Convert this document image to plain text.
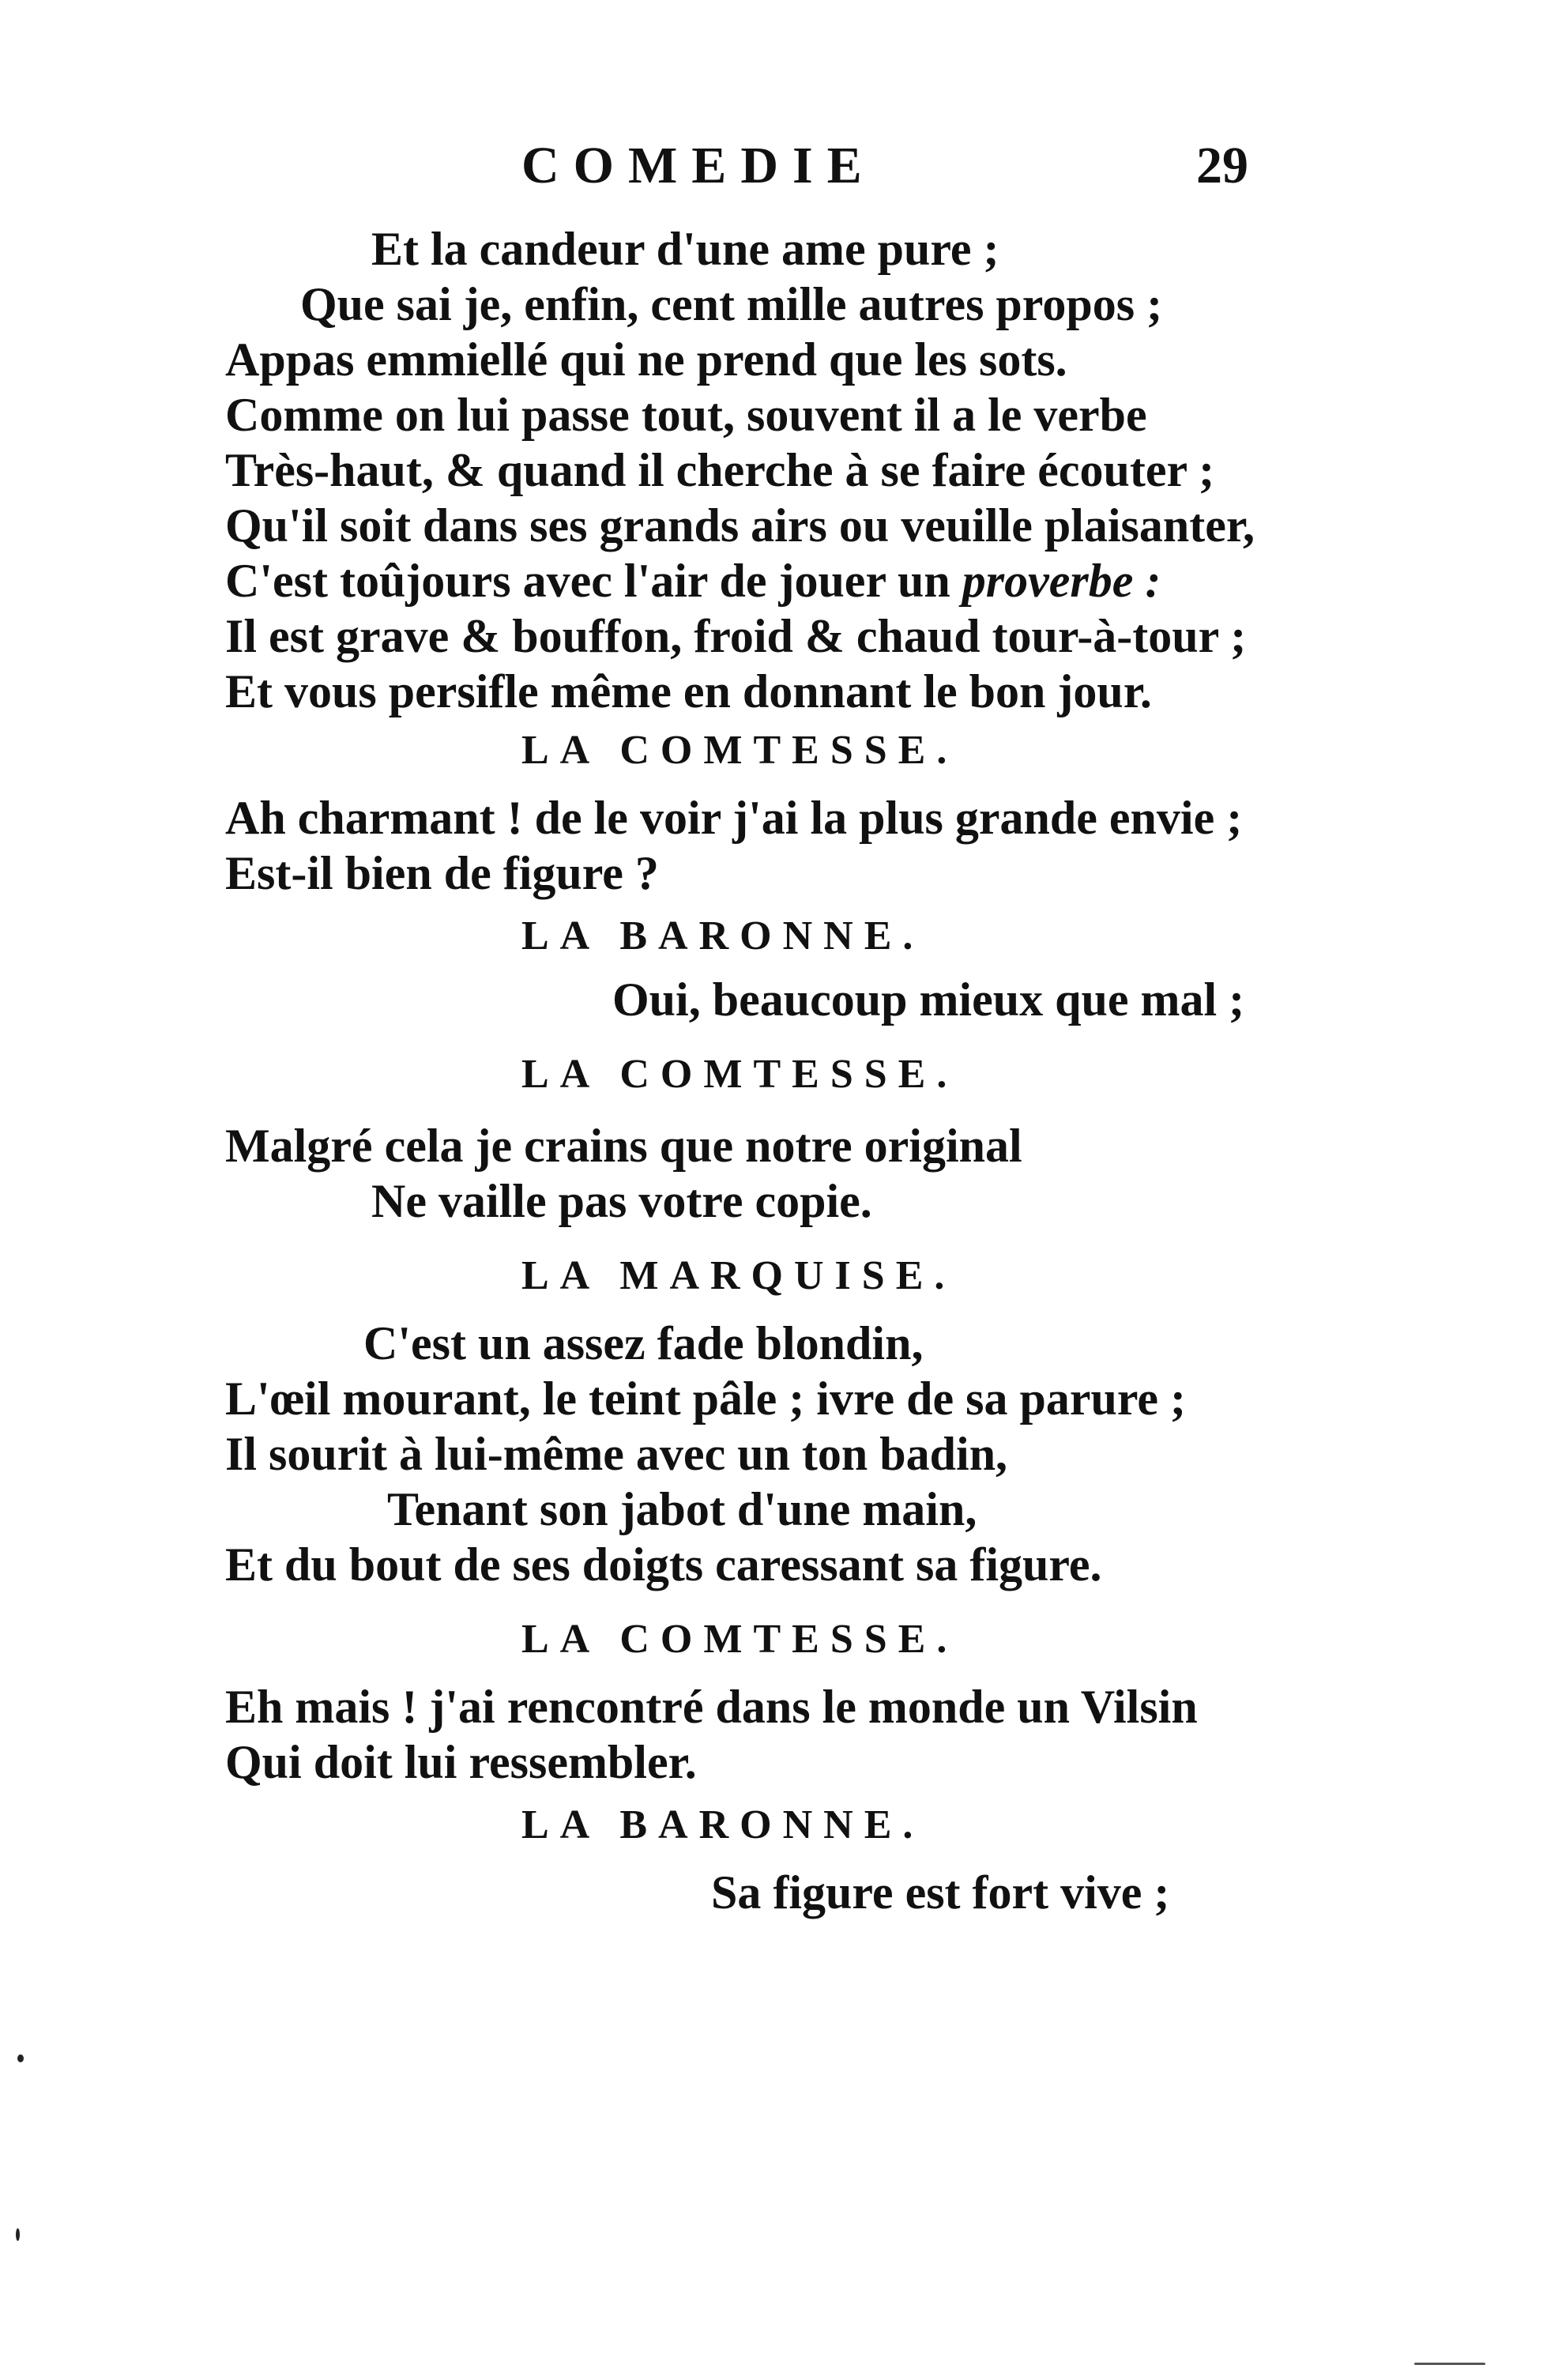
COMEDIE	29
Et la candeur d'une ame pure ;
Que sai je, enfin, cent mille autres propos ;
Appas emmiellé qui ne prend que les sots.
Comme on lui passe tout, souvent il a le verbe
Très-haut, & quand il cherche à se faire écouter ;
Qu'il soit dans ses grands airs ou veuille plaisanter,
C'est toûjours avec l'air de jouer un proverbe :
Il est grave & bouffon, froid & chaud tour-à-tour ;
Et vous persifle même en donnant le bon jour.
LA COMTESSE.
Ah charmant ! de le voir j'ai la plus grande envie ;
Est-il bien de figure ?
LA BARONNE.
Oui, beaucoup mieux que mal ;
LA COMTESSE.
Malgré cela je crains que notre original
Ne vaille pas votre copie.
LA MARQUISE.
C'est un assez fade blondin,
L'œil mourant, le teint pâle ; ivre de sa parure ;
Il sourit à lui-même avec un ton badin,
Tenant son jabot d'une main,
Et du bout de ses doigts caressant sa figure.
LA COMTESSE.
Eh mais ! j'ai rencontré dans le monde un Vilsin
Qui doit lui ressembler.
LA BARONNE.
Sa figure est fort vive ;
